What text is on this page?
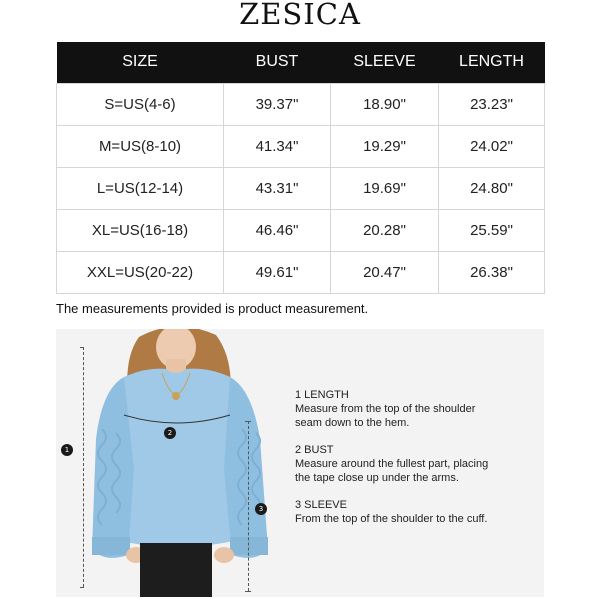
ZESICA
SIZE	BUST	SLEEVE	LENGTH
S=US(4-6)	39.37"	18.90"	23.23"
M=US(8-10)	41.34"	19.29"	24.02"
L=US(12-14)	43.31"	19.69"	24.80"
XL=US(16-18)	46.46"	20.28"	25.59"
XXL=US(20-22)	49.61"	20.47"	26.38"
The measurements provided is product measurement.
1
2
3
1 LENGTH
Measure from the top of the shoulder
seam down to the hem.
2 BUST
Measure around the fullest part, placing
the tape close up under the arms.
3 SLEEVE
From the top of the shoulder to the cuff.
